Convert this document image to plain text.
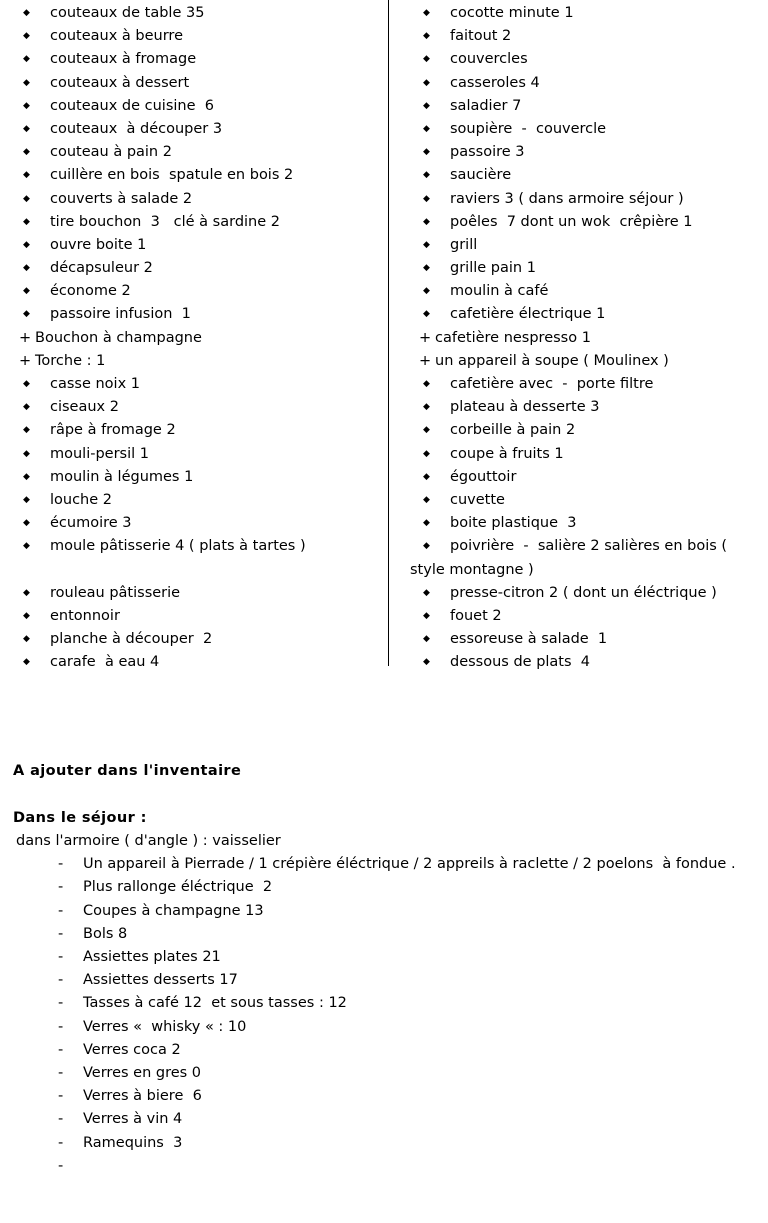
◆ couteaux de table 35
◆ couteaux à beurre
◆ couteaux à fromage
◆ couteaux à dessert
◆ couteaux de cuisine  6
◆ couteaux  à découper 3
◆ couteau à pain 2
◆ cuillère en bois  spatule en bois 2
◆ couverts à salade 2
◆ tire bouchon  3   clé à sardine 2
◆ ouvre boite 1
◆ décapsuleur 2
◆ économe 2
◆ passoire infusion  1
+ Bouchon à champagne
+ Torche : 1
◆ casse noix 1
◆ ciseaux 2
◆ râpe à fromage 2
◆ mouli-persil 1
◆ moulin à légumes 1
◆ louche 2
◆ écumoire 3
◆ moule pâtisserie 4 ( plats à tartes )
◆ rouleau pâtisserie
◆ entonnoir
◆ planche à découper  2
◆ carafe  à eau 4
◆ cocotte minute 1
◆ faitout 2
◆ couvercles
◆ casseroles 4
◆ saladier 7
◆ soupière  -  couvercle
◆ passoire 3
◆ saucière
◆ raviers 3 ( dans armoire séjour )
◆ poêles  7 dont un wok  crêpière 1
◆ grill
◆ grille pain 1
◆ moulin à café
◆ cafetière électrique 1
+ cafetière nespresso 1
+ un appareil à soupe ( Moulinex )
◆ cafetière avec  -  porte filtre
◆ plateau à desserte 3
◆ corbeille à pain 2
◆ coupe à fruits 1
◆ égouttoir
◆ cuvette
◆ boite plastique  3
◆ poivrière  -  salière 2 salières en bois (
style montagne )
◆ presse-citron 2 ( dont un éléctrique )
◆ fouet 2
◆ essoreuse à salade  1
◆ dessous de plats  4
A ajouter dans l'inventaire
Dans le séjour :
dans l'armoire ( d'angle ) : vaisselier
- Un appareil à Pierrade / 1 crépière éléctrique / 2 appreils à raclette / 2 poelons  à fondue .
- Plus rallonge éléctrique  2
- Coupes à champagne 13
- Bols 8
- Assiettes plates 21
- Assiettes desserts 17
- Tasses à café 12  et sous tasses : 12
- Verres «  whisky « : 10
- Verres coca 2
- Verres en gres 0
- Verres à biere  6
- Verres à vin 4
- Ramequins  3
-
